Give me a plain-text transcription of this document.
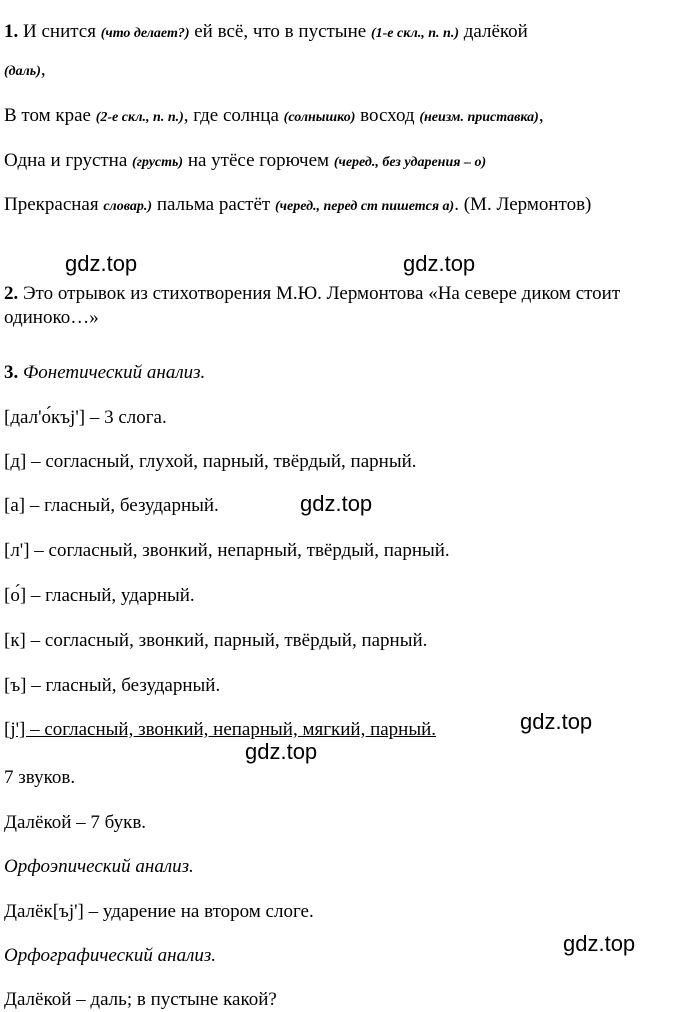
1. И снится (что делает?) ей всё, что в пустыне (1-е скл., п. п.) далёкой
(даль),
В том крае (2-е скл., п. п.), где солнца (солнышко) восход (неизм. приставка),
Одна и грустна (грусть) на утёсе горючем (черед., без ударения – о)
Прекрасная словар.) пальма растёт (черед., перед ст пишется а). (М. Лермонтов)
2. Это отрывок из стихотворения М.Ю. Лермонтова «На севере диком стоит одиноко…»
3. Фонетический анализ.
[дал'о́къj'] – 3 слога.
[д] – согласный, глухой, парный, твёрдый, парный.
[а] – гласный, безударный.
[л'] – согласный, звонкий, непарный, твёрдый, парный.
[о́] – гласный, ударный.
[к] – согласный, звонкий, парный, твёрдый, парный.
[ъ] – гласный, безударный.
[j'] – согласный, звонкий, непарный, мягкий, парный.
7 звуков.
Далёкой – 7 букв.
Орфоэпический анализ.
Далёк[ъj'] – ударение на втором слоге.
Орфографический анализ.
Далёкой – даль; в пустыне какой?
gdz.top	gdz.top
gdz.top
gdz.top
gdz.top
gdz.top
